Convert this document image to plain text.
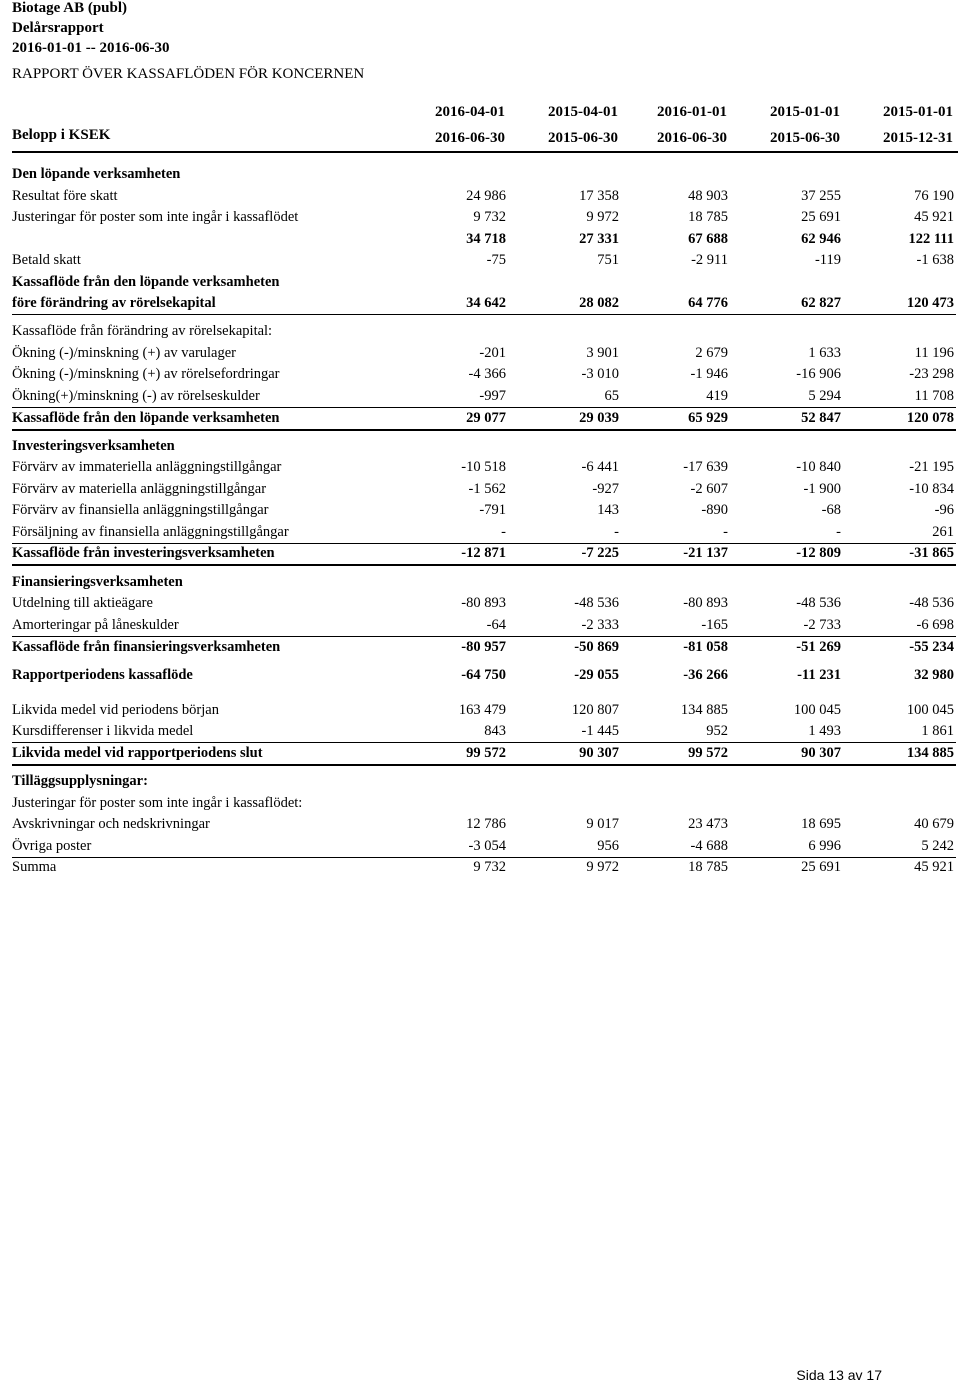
Biotage AB (publ)
Delårsrapport
2016-01-01 -- 2016-06-30
RAPPORT ÖVER KASSAFLÖDEN FÖR KONCERNEN
2016-04-01	2015-04-01	2016-01-01	2015-01-01	2015-01-01
Belopp i KSEK	2016-06-30	2015-06-30	2016-06-30	2015-06-30	2015-12-31
Den löpande verksamheten
Resultat före skatt	24 986	17 358	48 903	37 255	76 190
Justeringar för poster som inte ingår i kassaflödet	9 732	9 972	18 785	25 691	45 921
34 718	27 331	67 688	62 946	122 111
Betald skatt	-75	751	-2 911	-119	-1 638
Kassaflöde från den löpande verksamheten
före förändring av rörelsekapital	34 642	28 082	64 776	62 827	120 473
Kassaflöde från förändring av rörelsekapital:
Ökning (-)/minskning (+) av varulager	-201	3 901	2 679	1 633	11 196
Ökning (-)/minskning (+) av rörelsefordringar	-4 366	-3 010	-1 946	-16 906	-23 298
Ökning(+)/minskning (-) av rörelseskulder	-997	65	419	5 294	11 708
Kassaflöde från den löpande verksamheten	29 077	29 039	65 929	52 847	120 078
Investeringsverksamheten
Förvärv av immateriella anläggningstillgångar	-10 518	-6 441	-17 639	-10 840	-21 195
Förvärv av materiella anläggningstillgångar	-1 562	-927	-2 607	-1 900	-10 834
Förvärv av finansiella anläggningstillgångar	-791	143	-890	-68	-96
Försäljning av finansiella anläggningstillgångar	-	-	-	-	261
Kassaflöde från investeringsverksamheten	-12 871	-7 225	-21 137	-12 809	-31 865
Finansieringsverksamheten
Utdelning till aktieägare	-80 893	-48 536	-80 893	-48 536	-48 536
Amorteringar på låneskulder	-64	-2 333	-165	-2 733	-6 698
Kassaflöde från finansieringsverksamheten	-80 957	-50 869	-81 058	-51 269	-55 234
Rapportperiodens kassaflöde	-64 750	-29 055	-36 266	-11 231	32 980
Likvida medel vid periodens början	163 479	120 807	134 885	100 045	100 045
Kursdifferenser i likvida medel	843	-1 445	952	1 493	1 861
Likvida medel vid rapportperiodens slut	99 572	90 307	99 572	90 307	134 885
Tilläggsupplysningar:
Justeringar för poster som inte ingår i kassaflödet:
Avskrivningar och nedskrivningar	12 786	9 017	23 473	18 695	40 679
Övriga poster	-3 054	956	-4 688	6 996	5 242
Summa	9 732	9 972	18 785	25 691	45 921
Sida 13 av 17
